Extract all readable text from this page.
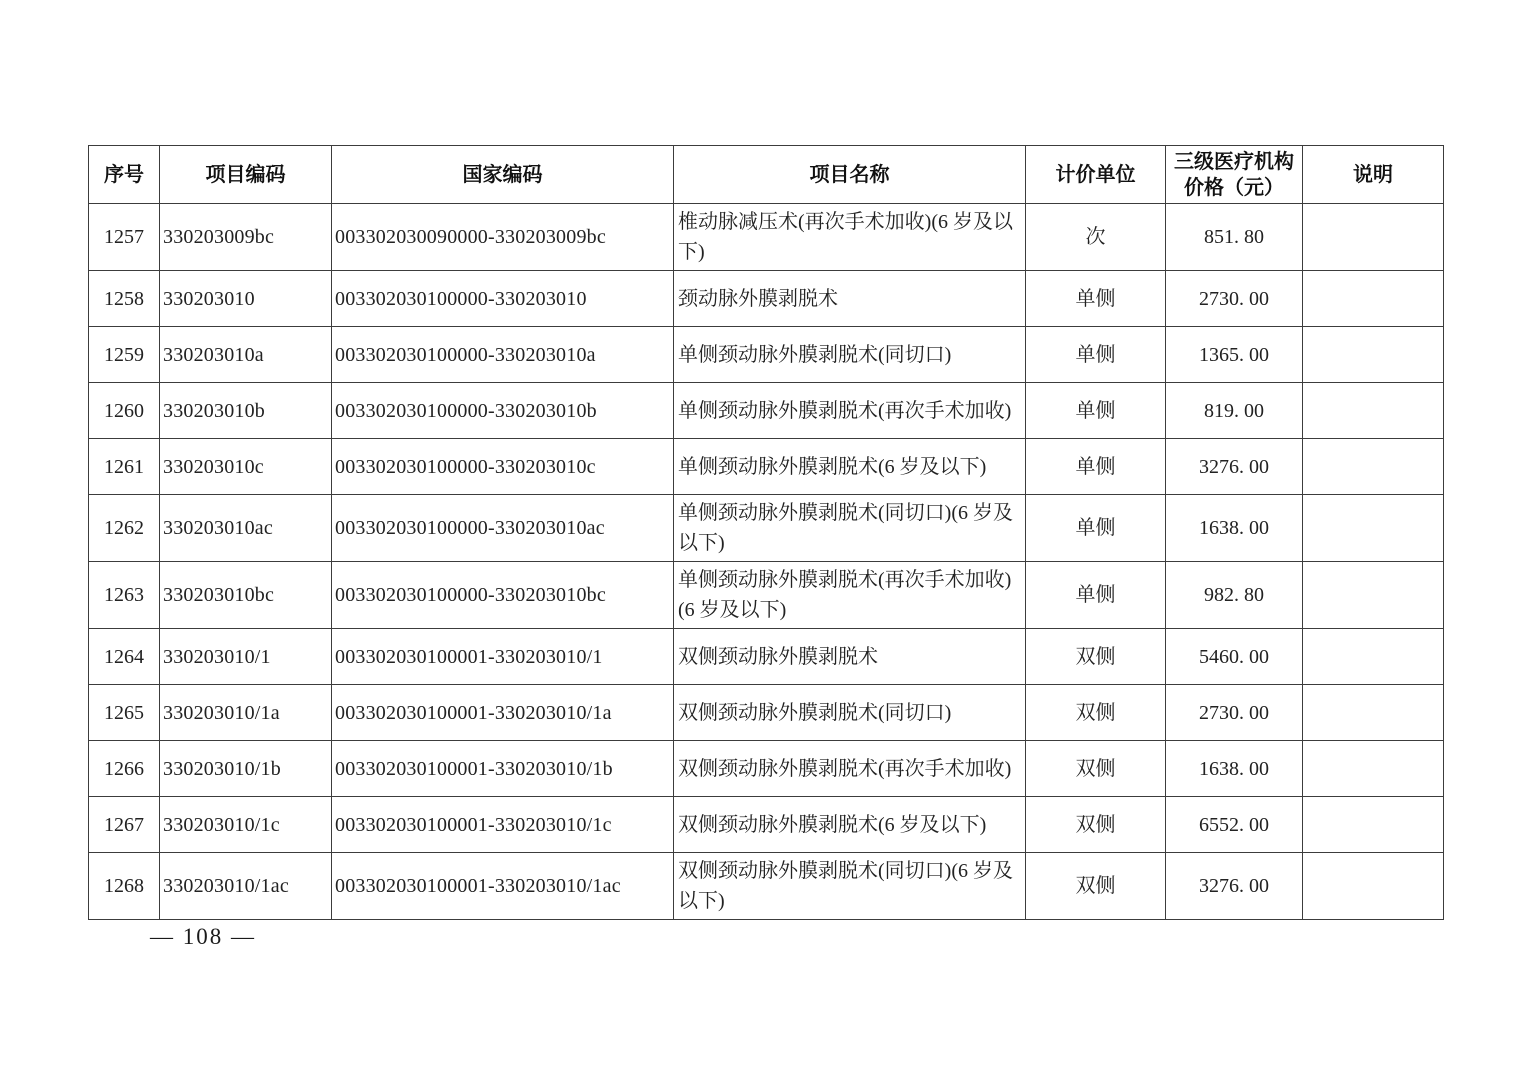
序号	项目编码	国家编码	项目名称	计价单位	三级医疗机构价格（元）	说明
1257	330203009bc	003302030090000-330203009bc	椎动脉减压术(再次手术加收)(6 岁及以下)	次	851. 80	
1258	330203010	003302030100000-330203010	颈动脉外膜剥脱术	单侧	2730. 00	
1259	330203010a	003302030100000-330203010a	单侧颈动脉外膜剥脱术(同切口)	单侧	1365. 00	
1260	330203010b	003302030100000-330203010b	单侧颈动脉外膜剥脱术(再次手术加收)	单侧	819. 00	
1261	330203010c	003302030100000-330203010c	单侧颈动脉外膜剥脱术(6 岁及以下)	单侧	3276. 00	
1262	330203010ac	003302030100000-330203010ac	单侧颈动脉外膜剥脱术(同切口)(6 岁及以下)	单侧	1638. 00	
1263	330203010bc	003302030100000-330203010bc	单侧颈动脉外膜剥脱术(再次手术加收)(6 岁及以下)	单侧	982. 80	
1264	330203010/1	003302030100001-330203010/1	双侧颈动脉外膜剥脱术	双侧	5460. 00	
1265	330203010/1a	003302030100001-330203010/1a	双侧颈动脉外膜剥脱术(同切口)	双侧	2730. 00	
1266	330203010/1b	003302030100001-330203010/1b	双侧颈动脉外膜剥脱术(再次手术加收)	双侧	1638. 00	
1267	330203010/1c	003302030100001-330203010/1c	双侧颈动脉外膜剥脱术(6 岁及以下)	双侧	6552. 00	
1268	330203010/1ac	003302030100001-330203010/1ac	双侧颈动脉外膜剥脱术(同切口)(6 岁及以下)	双侧	3276. 00	
— 108 —
